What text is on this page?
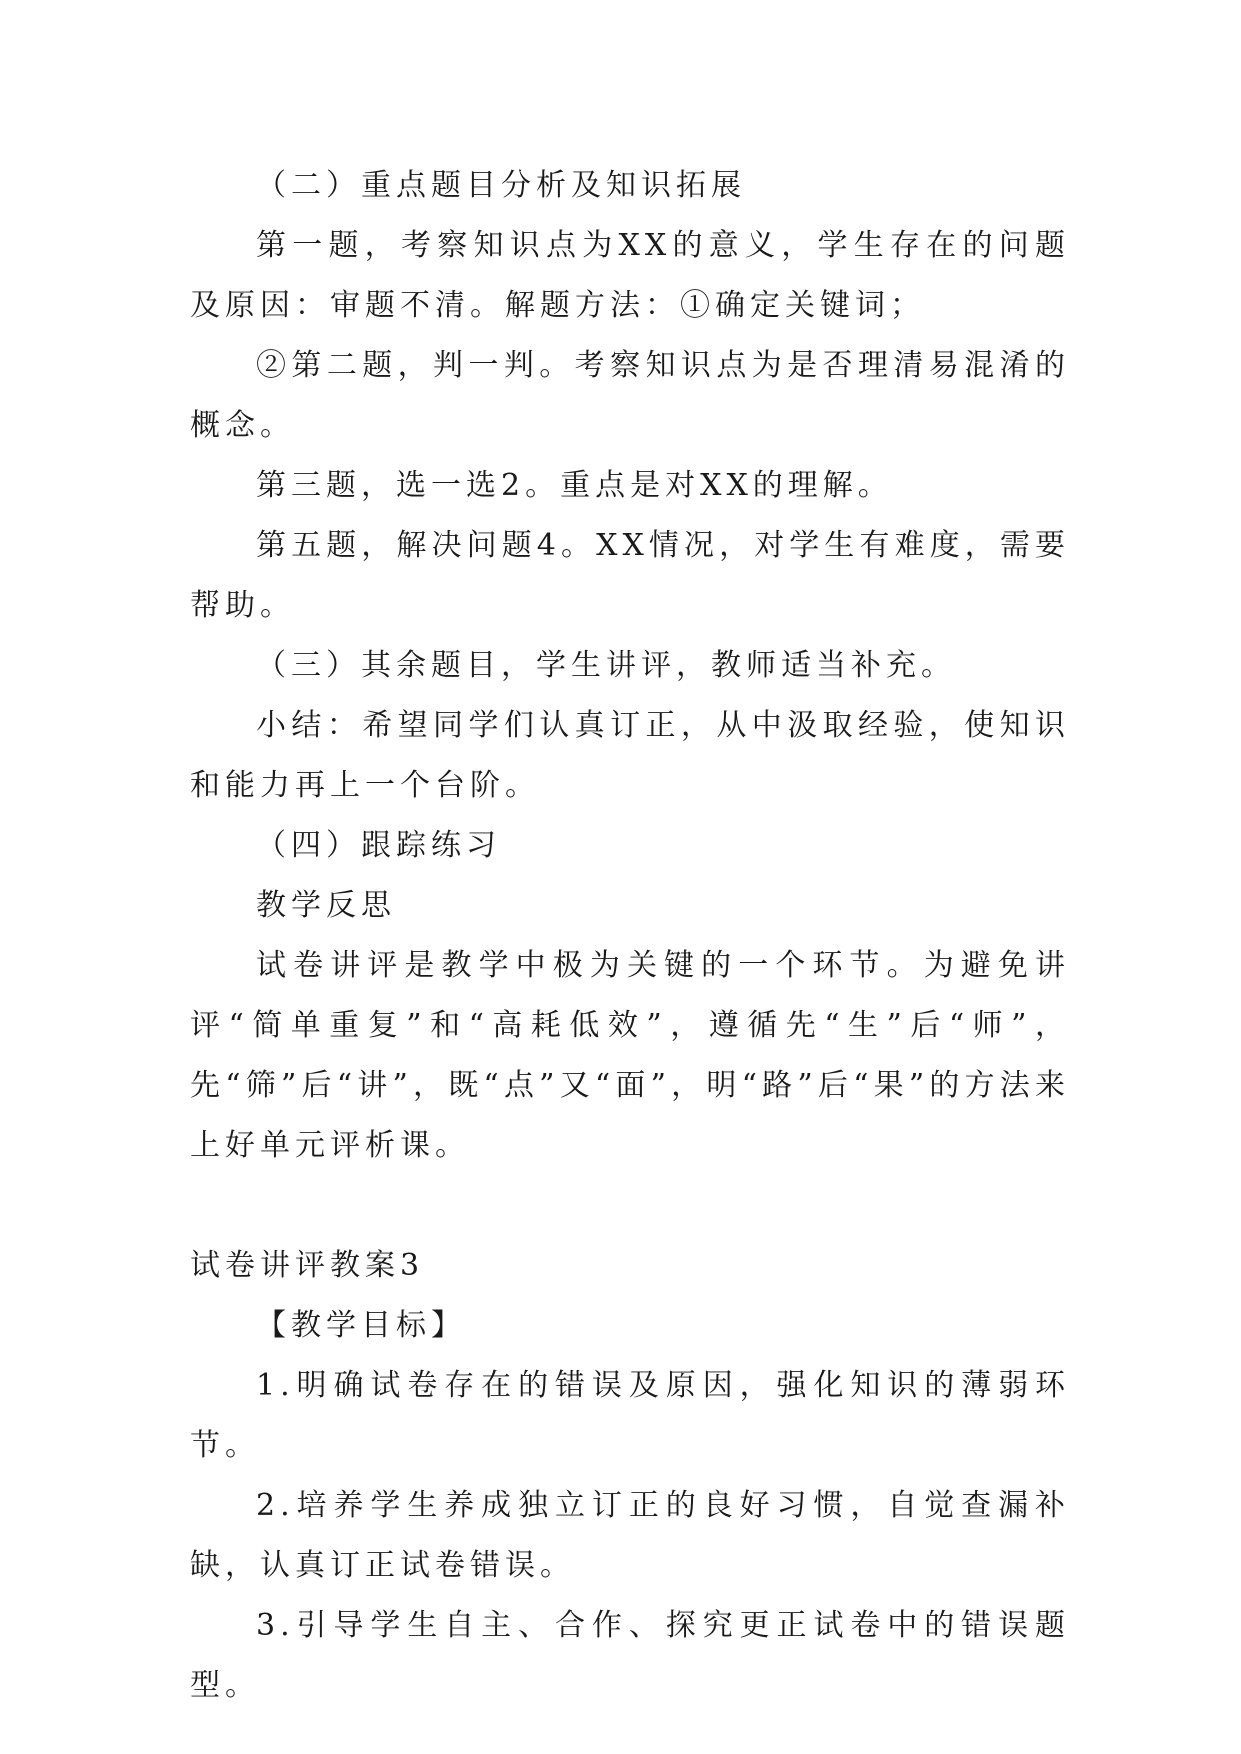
（二）重点题目分析及知识拓展

第一题，考察知识点为XX的意义，学生存在的问题及原因：审题不清。解题方法：①确定关键词；

②第二题，判一判。考察知识点为是否理清易混淆的概念。

第三题，选一选2。重点是对XX的理解。

第五题，解决问题4。XX情况，对学生有难度，需要帮助。

（三）其余题目，学生讲评，教师适当补充。

小结：希望同学们认真订正，从中汲取经验，使知识和能力再上一个台阶。

（四）跟踪练习

教学反思

试卷讲评是教学中极为关键的一个环节。为避免讲评“简单重复”和“高耗低效”，遵循先“生”后“师”，先“筛”后“讲”，既“点”又“面”，明“路”后“果”的方法来上好单元评析课。

试卷讲评教案3

【教学目标】

1.明确试卷存在的错误及原因，强化知识的薄弱环节。

2.培养学生养成独立订正的良好习惯，自觉查漏补缺，认真订正试卷错误。

3.引导学生自主、合作、探究更正试卷中的错误题型。
